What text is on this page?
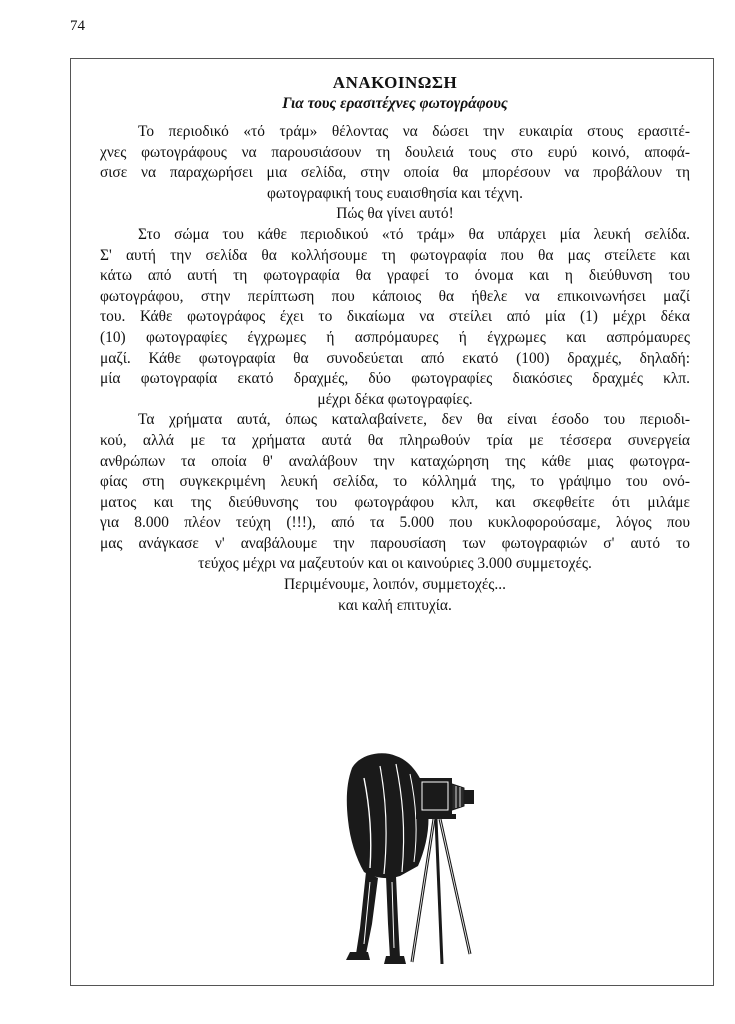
74
ΑΝΑΚΟΙΝΩΣΗ
Για τους ερασιτέχνες φωτογράφους
Το περιοδικό «τό τράμ» θέλοντας να δώσει την ευκαιρία στους ερασιτέ-
χνες φωτογράφους να παρουσιάσουν τη δουλειά τους στο ευρύ κοινό, αποφά-
σισε να παραχωρήσει μια σελίδα, στην οποία θα μπορέσουν να προβάλουν τη
φωτογραφική τους ευαισθησία και τέχνη.
Πώς θα γίνει αυτό!
Στο σώμα του κάθε περιοδικού «τό τράμ» θα υπάρχει μία λευκή σελίδα.
Σ' αυτή την σελίδα θα κολλήσουμε τη φωτογραφία που θα μας στείλετε και
κάτω από αυτή τη φωτογραφία θα γραφεί το όνομα και η διεύθυνση του
φωτογράφου, στην περίπτωση που κάποιος θα ήθελε να επικοινωνήσει μαζί
του. Κάθε φωτογράφος έχει το δικαίωμα να στείλει από μία (1) μέχρι δέκα
(10) φωτογραφίες έγχρωμες ή ασπρόμαυρες ή έγχρωμες και ασπρόμαυρες
μαζί. Κάθε φωτογραφία θα συνοδεύεται από εκατό (100) δραχμές, δηλαδή:
μία φωτογραφία εκατό δραχμές, δύο φωτογραφίες διακόσιες δραχμές κλπ.
μέχρι δέκα φωτογραφίες.
Τα χρήματα αυτά, όπως καταλαβαίνετε, δεν θα είναι έσοδο του περιοδι-
κού, αλλά με τα χρήματα αυτά θα πληρωθούν τρία με τέσσερα συνεργεία
ανθρώπων τα οποία θ' αναλάβουν την καταχώρηση της κάθε μιας φωτογρα-
φίας στη συγκεκριμένη λευκή σελίδα, το κόλλημά της, το γράψιμο του ονό-
ματος και της διεύθυνσης του φωτογράφου κλπ, και σκεφθείτε ότι μιλάμε
για 8.000 πλέον τεύχη (!!!), από τα 5.000 που κυκλοφορούσαμε, λόγος που
μας ανάγκασε ν' αναβάλουμε την παρουσίαση των φωτογραφιών σ' αυτό το
τεύχος μέχρι να μαζευτούν και οι καινούριες 3.000 συμμετοχές.
Περιμένουμε, λοιπόν, συμμετοχές...
και καλή επιτυχία.
